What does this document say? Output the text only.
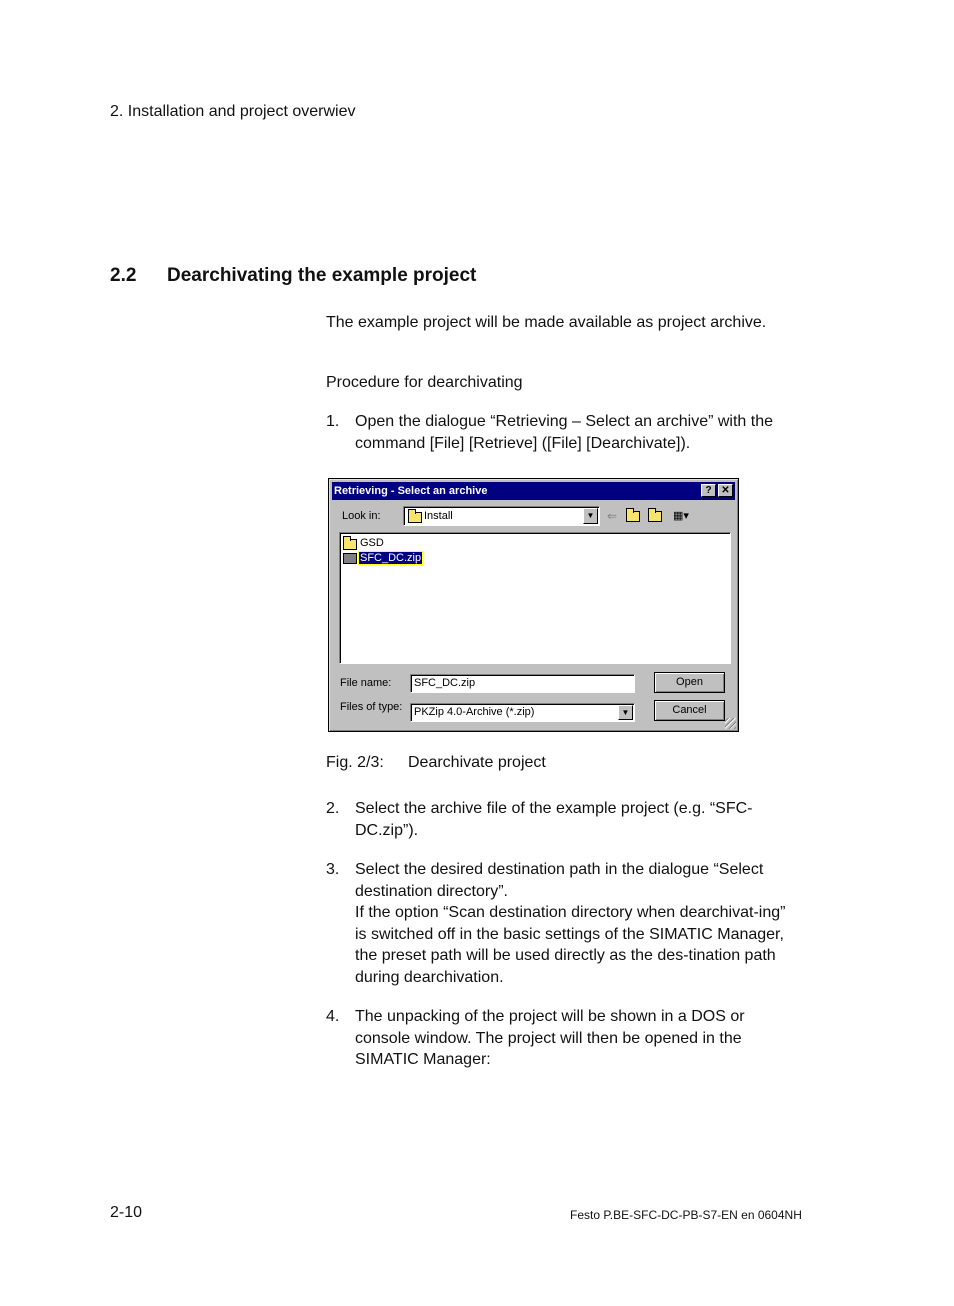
2. Installation and project overwiev
2.2 Dearchivating the example project
The example project will be made available as project archive.
Procedure for dearchivating
1. Open the dialogue “Retrieving – Select an archive” with the command [File] [Retrieve] ([File] [Dearchivate]).
Retrieving - Select an archive	? ✕
Look in:	Install	▼	⇐	▦▾
GSD
SFC_DC.zip
File name:	SFC_DC.zip
Files of type: PKZip 4.0-Archive (*.zip)	▼
Open
Cancel
Fig. 2/3: Dearchivate project
2. Select the archive file of the example project (e.g. “SFC-DC.zip”).
3. Select the desired destination path in the dialogue “Select destination directory”.
If the option “Scan destination directory when dearchivat-ing” is switched off in the basic settings of the SIMATIC Manager, the preset path will be used directly as the des-tination path during dearchivation.
4. The unpacking of the project will be shown in a DOS or console window. The project will then be opened in the SIMATIC Manager:
2-10	Festo P.BE-SFC-DC-PB-S7-EN en 0604NH
